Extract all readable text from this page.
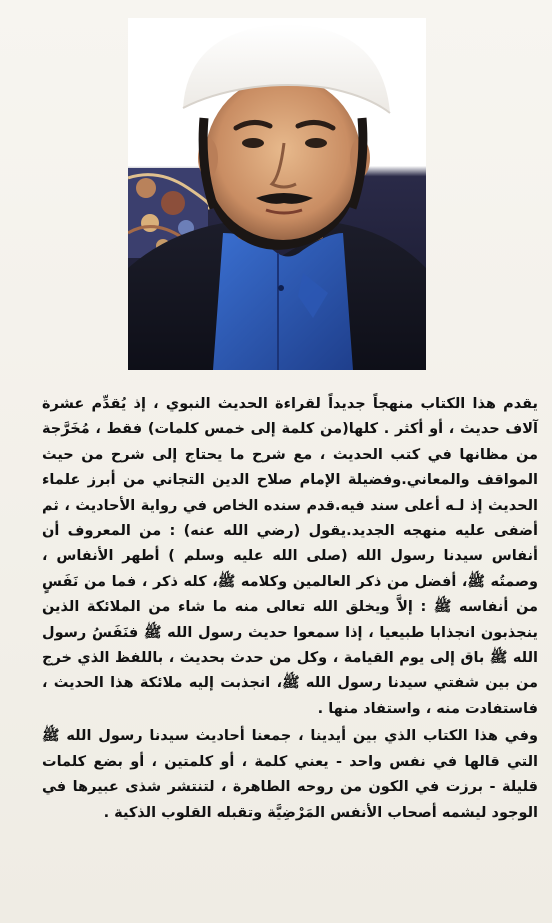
يقدم هذا الكتاب منهجاً جديداً لقراءة الحديث النبوي ، إذ يُقدِّم عشرة آلاف حديث ، أو أكثر . كلها(من كلمة إلى خمس كلمات) فقط ، مُخَرَّجة من مظانها في كتب الحديث ، مع شرح ما يحتاج إلى شرح من حيث المواقف والمعاني.وفضيلة الإمام صلاح الدين التجاني من أبرز علماء الحديث إذ لـه أعلى سند فيه.قدم سنده الخاص في رواية الأحاديث ، ثم أضفى عليه منهجه الجديد.يقول (رضي الله عنه) : من المعروف أن أنفاس سيدنا رسول الله (صلى الله عليه وسلم ) أطهر الأنفاس ، وصمتُه ﷺ، أفضل من ذكر العالمين وكلامه ﷺ، كله ذكر ، فما من نَفَسٍ من أنفاسه ﷺ : إلاَّ ويخلق الله تعالى منه ما شاء من الملائكة الذين ينجذبون انجذابا طبيعيا ، إذا سمعوا حديث رسول الله ﷺ فنَفَسُ رسول الله ﷺ باق إلى يوم القيامة ، وكل من حدث بحديث ، باللفظ الذي خرج من بين شفتي سيدنا رسول الله ﷺ، انجذبت إليه ملائكة هذا الحديث ، فاستفادت منه ، واستفاد منها .

وفي هذا الكتاب الذي بين أيدينا ، جمعنا أحاديث سيدنا رسول الله ﷺ التي قالها في نفس واحد - يعني كلمة ، أو كلمتين ، أو بضع كلمات قليلة - برزت في الكون من روحه الطاهرة ، لتنتشر شذى عبيرها في الوجود ليشمه أصحاب الأنفس المَرْضِيَّة وتقبله القلوب الذكية .
